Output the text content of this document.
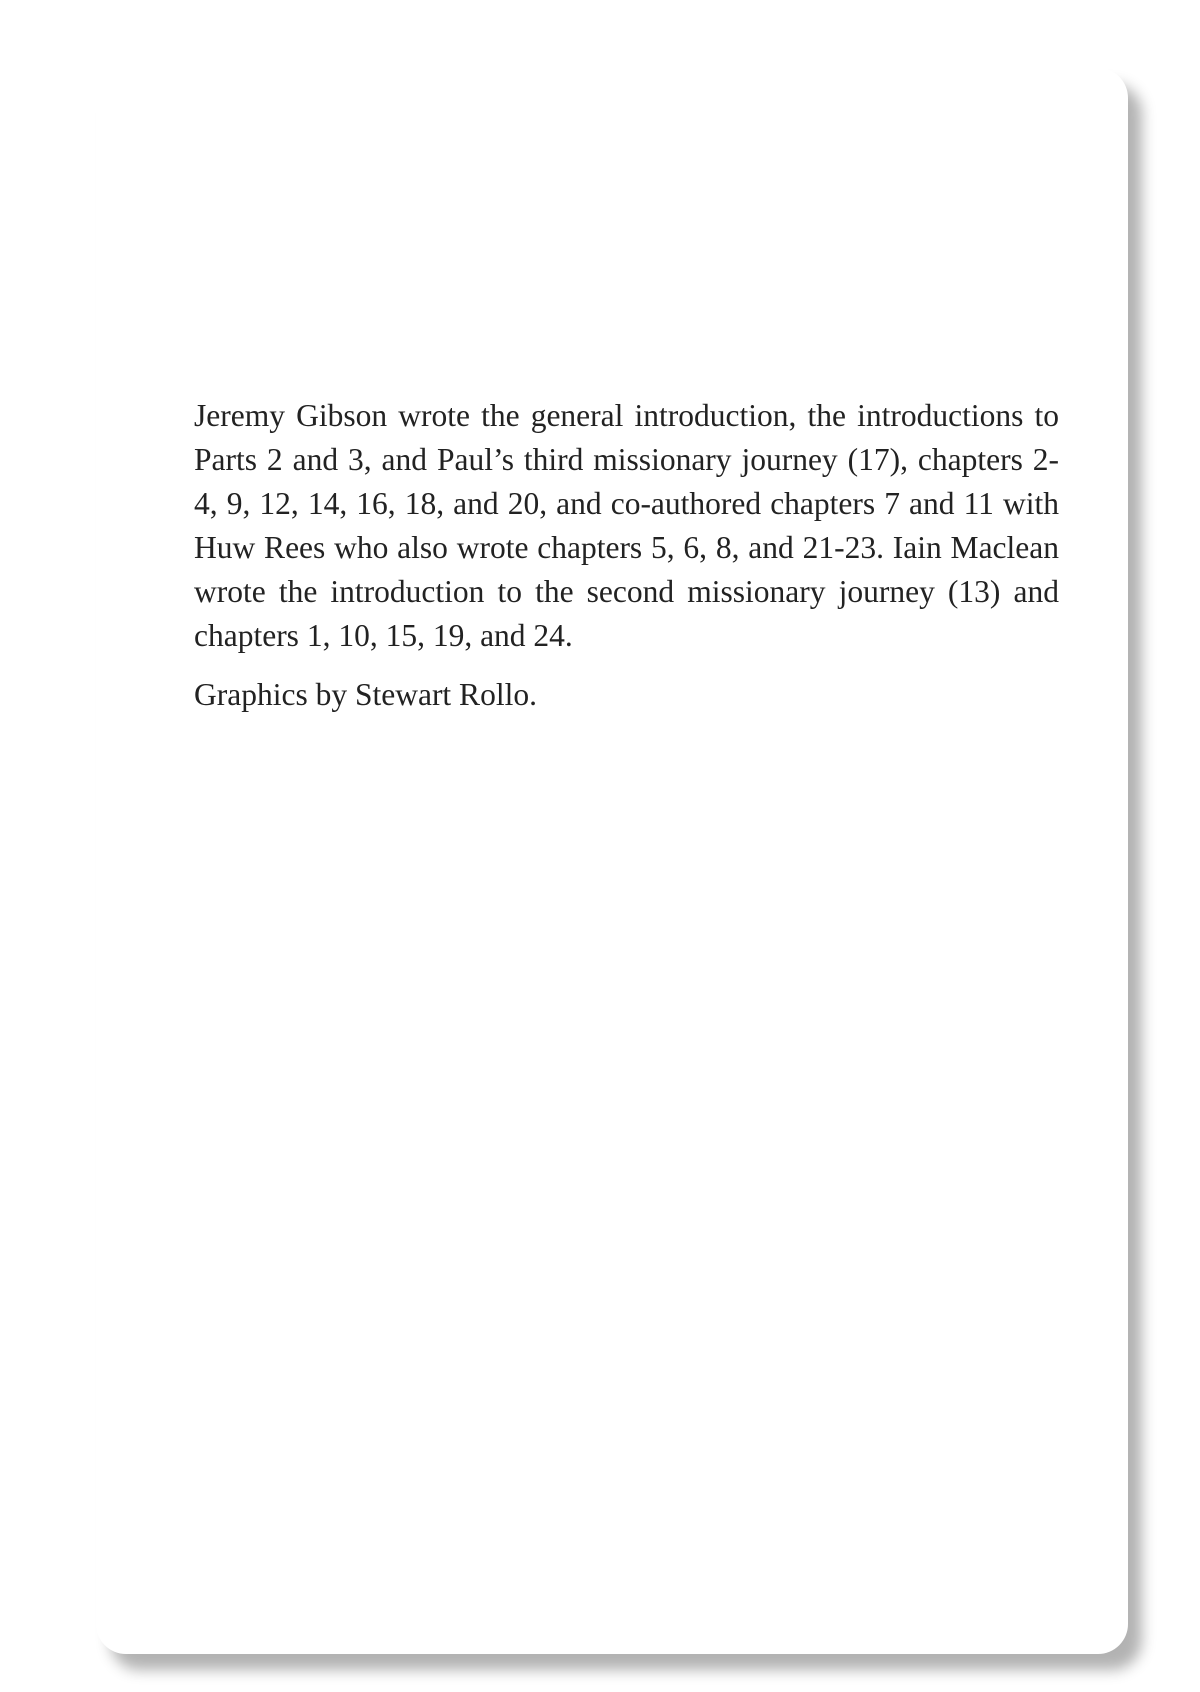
Jeremy Gibson wrote the general introduction, the introductions to Parts 2 and 3, and Paul’s third missionary journey (17), chapters 2-4, 9, 12, 14, 16, 18, and 20, and co-authored chapters 7 and 11 with Huw Rees who also wrote chapters 5, 6, 8, and 21-23. Iain Maclean wrote the introduction to the second missionary journey (13) and chapters 1, 10, 15, 19, and 24.

Graphics by Stewart Rollo.
